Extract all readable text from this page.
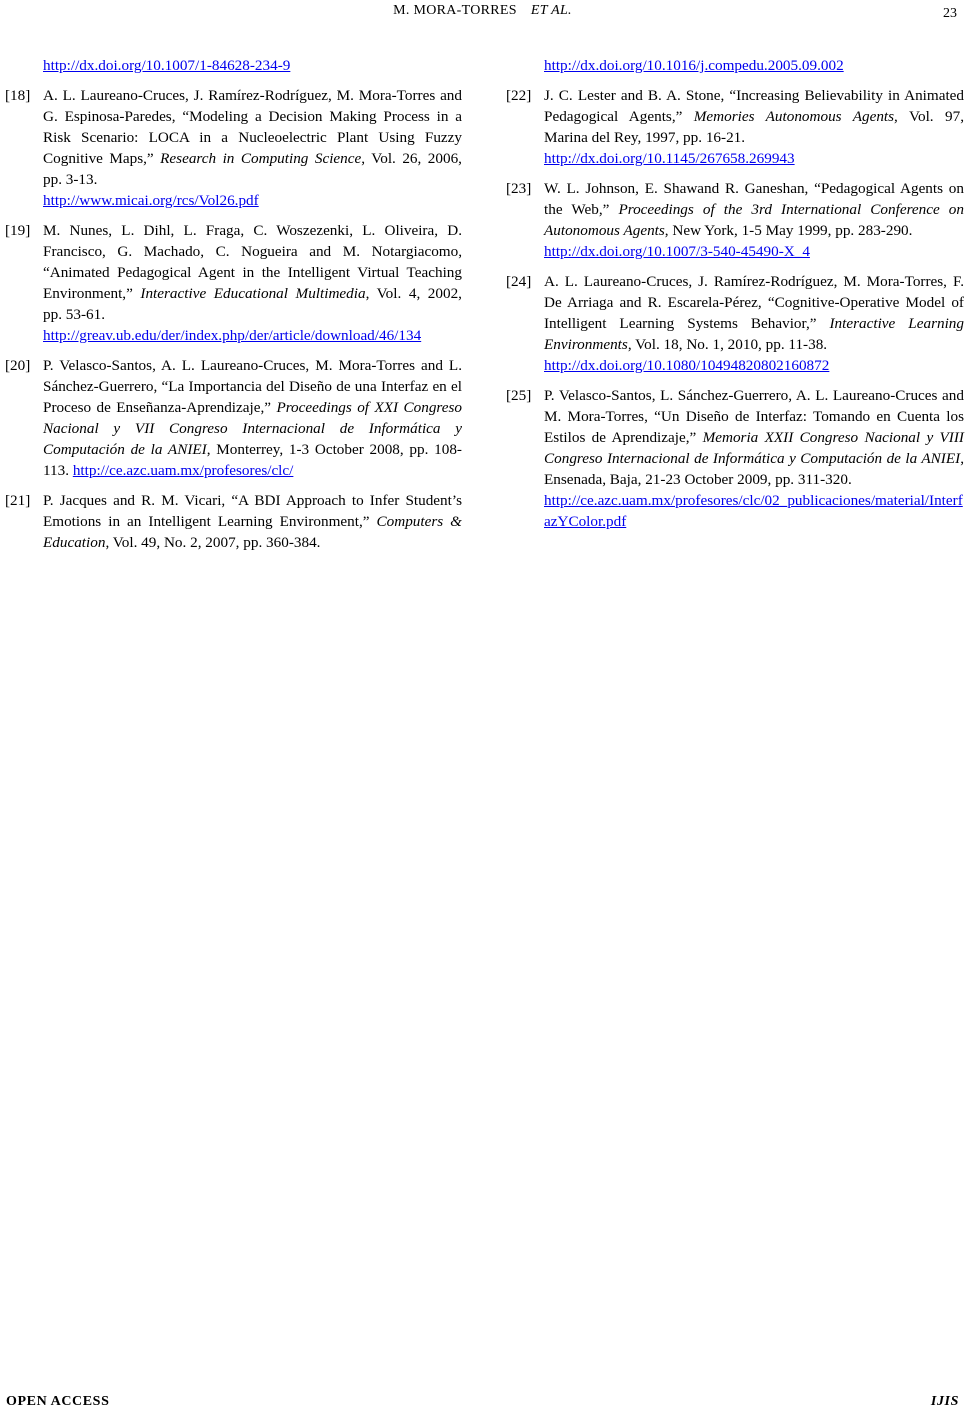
M. MORA-TORRES ET AL.	23
http://dx.doi.org/10.1007/1-84628-234-9
[18] A. L. Laureano-Cruces, J. Ramírez-Rodríguez, M. Mora-Torres and G. Espinosa-Paredes, “Modeling a Decision Making Process in a Risk Scenario: LOCA in a Nucleoelectric Plant Using Fuzzy Cognitive Maps,” Research in Computing Science, Vol. 26, 2006, pp. 3-13.
http://www.micai.org/rcs/Vol26.pdf
[19] M. Nunes, L. Dihl, L. Fraga, C. Woszezenki, L. Oliveira, D. Francisco, G. Machado, C. Nogueira and M. Notargiacomo, “Animated Pedagogical Agent in the Intelligent Virtual Teaching Environment,” Interactive Educational Multimedia, Vol. 4, 2002, pp. 53-61.
http://greav.ub.edu/der/index.php/der/article/download/46/134
[20] P. Velasco-Santos, A. L. Laureano-Cruces, M. Mora-Torres and L. Sánchez-Guerrero, “La Importancia del Diseño de una Interfaz en el Proceso de Enseñanza-Aprendizaje,” Proceedings of XXI Congreso Nacional y VII Congreso Internacional de Informática y Computación de la ANIEI, Monterrey, 1-3 October 2008, pp. 108-113. http://ce.azc.uam.mx/profesores/clc/
[21] P. Jacques and R. M. Vicari, “A BDI Approach to Infer Student’s Emotions in an Intelligent Learning Environment,” Computers & Education, Vol. 49, No. 2, 2007, pp. 360-384.
http://dx.doi.org/10.1016/j.compedu.2005.09.002
[22] J. C. Lester and B. A. Stone, “Increasing Believability in Animated Pedagogical Agents,” Memories Autonomous Agents, Vol. 97, Marina del Rey, 1997, pp. 16-21.
http://dx.doi.org/10.1145/267658.269943
[23] W. L. Johnson, E. Shawand R. Ganeshan, “Pedagogical Agents on the Web,” Proceedings of the 3rd International Conference on Autonomous Agents, New York, 1-5 May 1999, pp. 283-290.
http://dx.doi.org/10.1007/3-540-45490-X_4
[24] A. L. Laureano-Cruces, J. Ramírez-Rodríguez, M. Mora-Torres, F. De Arriaga and R. Escarela-Pérez, “Cognitive-Operative Model of Intelligent Learning Systems Behavior,” Interactive Learning Environments, Vol. 18, No. 1, 2010, pp. 11-38.
http://dx.doi.org/10.1080/10494820802160872
[25] P. Velasco-Santos, L. Sánchez-Guerrero, A. L. Laureano-Cruces and M. Mora-Torres, “Un Diseño de Interfaz: Tomando en Cuenta los Estilos de Aprendizaje,” Memoria XXII Congreso Nacional y VIII Congreso Internacional de Informática y Computación de la ANIEI, Ensenada, Baja, 21-23 October 2009, pp. 311-320.
http://ce.azc.uam.mx/profesores/clc/02_publicaciones/material/InterfazYColor.pdf
OPEN ACCESS	IJIS
